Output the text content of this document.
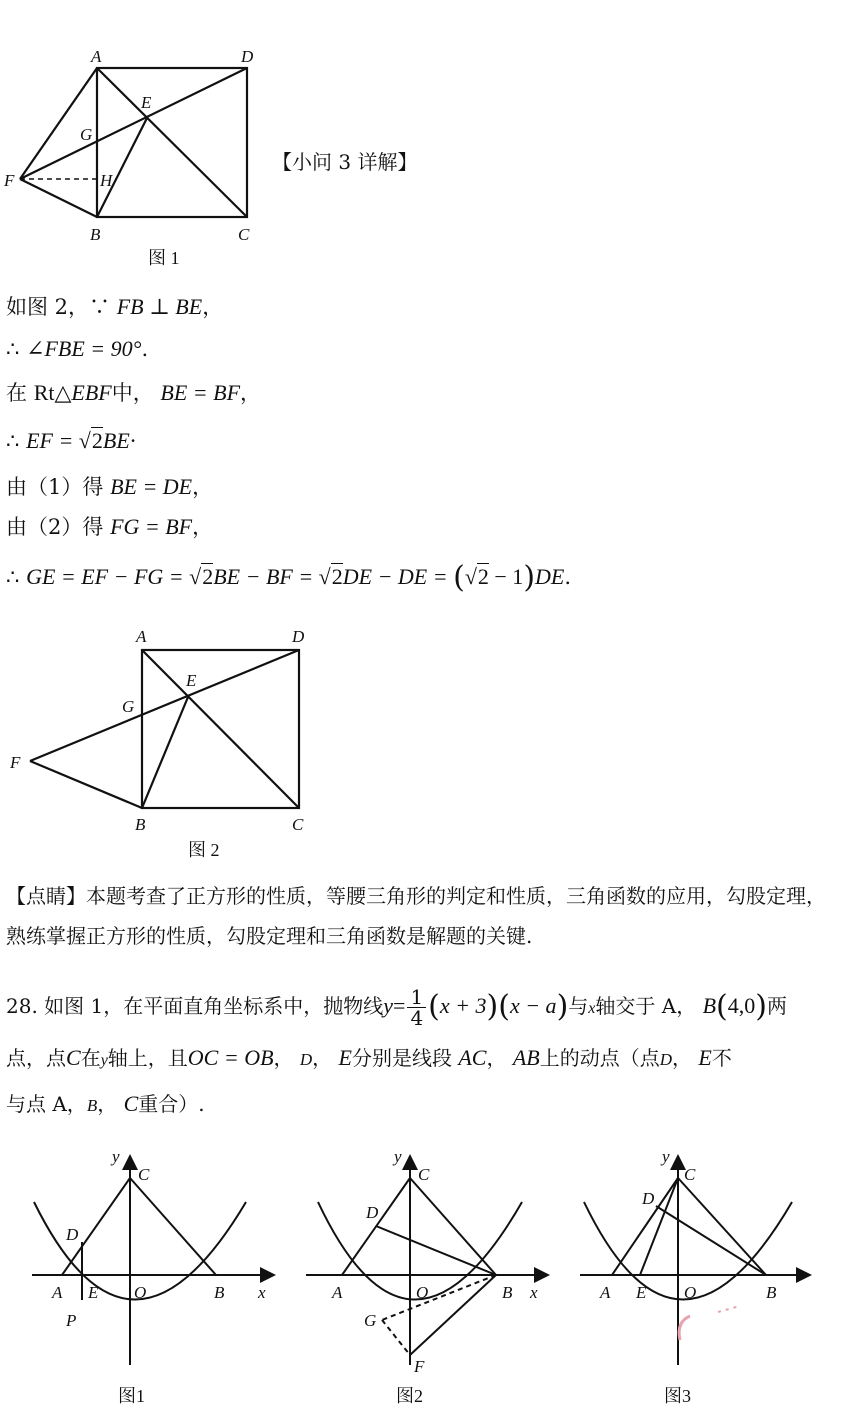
A	D
E
G
F	H
B	C
图 1
【小问 3 详解】
如图 2，∵ FB ⊥ BE，
∴ ∠FBE = 90°.
在 Rt△EBF中， BE = BF，
∴ EF = √2BE·
由（1）得 BE = DE，
由（2）得 FG = BF，
∴ GE = EF − FG = √2BE − BF = √2DE − DE = (√2 − 1)DE.
A	D
E
G
F
B	C
图 2
【点睛】本题考查了正方形的性质，等腰三角形的判定和性质，三角函数的应用，勾股定理，熟练掌握正方形的性质，勾股定理和三角函数是解题的关键.
28. 如图 1，在平面直角坐标系中，抛物线$y= \frac{1}{4} (x + 3)(x - a)$与x轴交于 A， B(4,0)两
点，点C在y轴上，且OC = OB， D， E分别是线段 AC， AB上的动点（点D， E不
与点 A，B， C重合）.
y
C
D
A E O	B x
P
图1
y
C
D
A	O	B x
G
F
图2
y
C
D
A E O	B
图3
